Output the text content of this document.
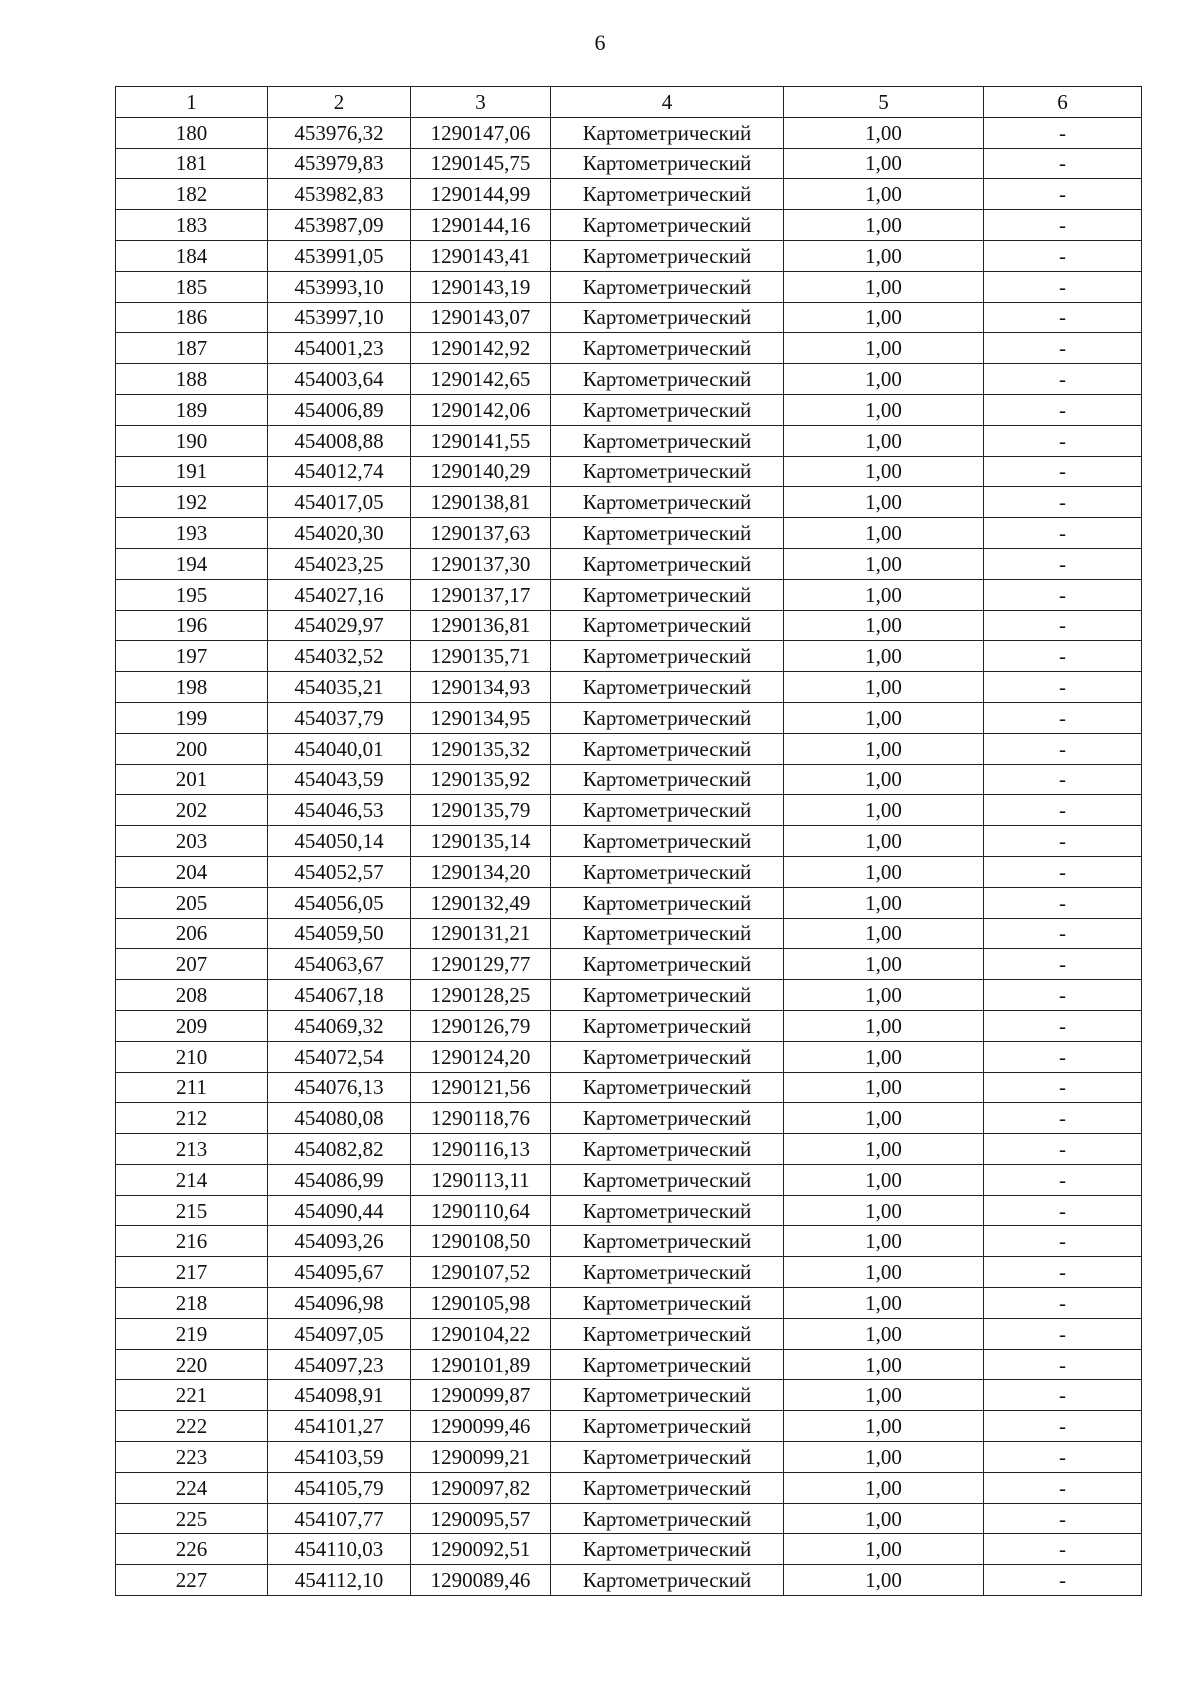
6
1	2	3	4	5	6
180	453976,32	1290147,06	Картометрический	1,00	-
181	453979,83	1290145,75	Картометрический	1,00	-
182	453982,83	1290144,99	Картометрический	1,00	-
183	453987,09	1290144,16	Картометрический	1,00	-
184	453991,05	1290143,41	Картометрический	1,00	-
185	453993,10	1290143,19	Картометрический	1,00	-
186	453997,10	1290143,07	Картометрический	1,00	-
187	454001,23	1290142,92	Картометрический	1,00	-
188	454003,64	1290142,65	Картометрический	1,00	-
189	454006,89	1290142,06	Картометрический	1,00	-
190	454008,88	1290141,55	Картометрический	1,00	-
191	454012,74	1290140,29	Картометрический	1,00	-
192	454017,05	1290138,81	Картометрический	1,00	-
193	454020,30	1290137,63	Картометрический	1,00	-
194	454023,25	1290137,30	Картометрический	1,00	-
195	454027,16	1290137,17	Картометрический	1,00	-
196	454029,97	1290136,81	Картометрический	1,00	-
197	454032,52	1290135,71	Картометрический	1,00	-
198	454035,21	1290134,93	Картометрический	1,00	-
199	454037,79	1290134,95	Картометрический	1,00	-
200	454040,01	1290135,32	Картометрический	1,00	-
201	454043,59	1290135,92	Картометрический	1,00	-
202	454046,53	1290135,79	Картометрический	1,00	-
203	454050,14	1290135,14	Картометрический	1,00	-
204	454052,57	1290134,20	Картометрический	1,00	-
205	454056,05	1290132,49	Картометрический	1,00	-
206	454059,50	1290131,21	Картометрический	1,00	-
207	454063,67	1290129,77	Картометрический	1,00	-
208	454067,18	1290128,25	Картометрический	1,00	-
209	454069,32	1290126,79	Картометрический	1,00	-
210	454072,54	1290124,20	Картометрический	1,00	-
211	454076,13	1290121,56	Картометрический	1,00	-
212	454080,08	1290118,76	Картометрический	1,00	-
213	454082,82	1290116,13	Картометрический	1,00	-
214	454086,99	1290113,11	Картометрический	1,00	-
215	454090,44	1290110,64	Картометрический	1,00	-
216	454093,26	1290108,50	Картометрический	1,00	-
217	454095,67	1290107,52	Картометрический	1,00	-
218	454096,98	1290105,98	Картометрический	1,00	-
219	454097,05	1290104,22	Картометрический	1,00	-
220	454097,23	1290101,89	Картометрический	1,00	-
221	454098,91	1290099,87	Картометрический	1,00	-
222	454101,27	1290099,46	Картометрический	1,00	-
223	454103,59	1290099,21	Картометрический	1,00	-
224	454105,79	1290097,82	Картометрический	1,00	-
225	454107,77	1290095,57	Картометрический	1,00	-
226	454110,03	1290092,51	Картометрический	1,00	-
227	454112,10	1290089,46	Картометрический	1,00	-
